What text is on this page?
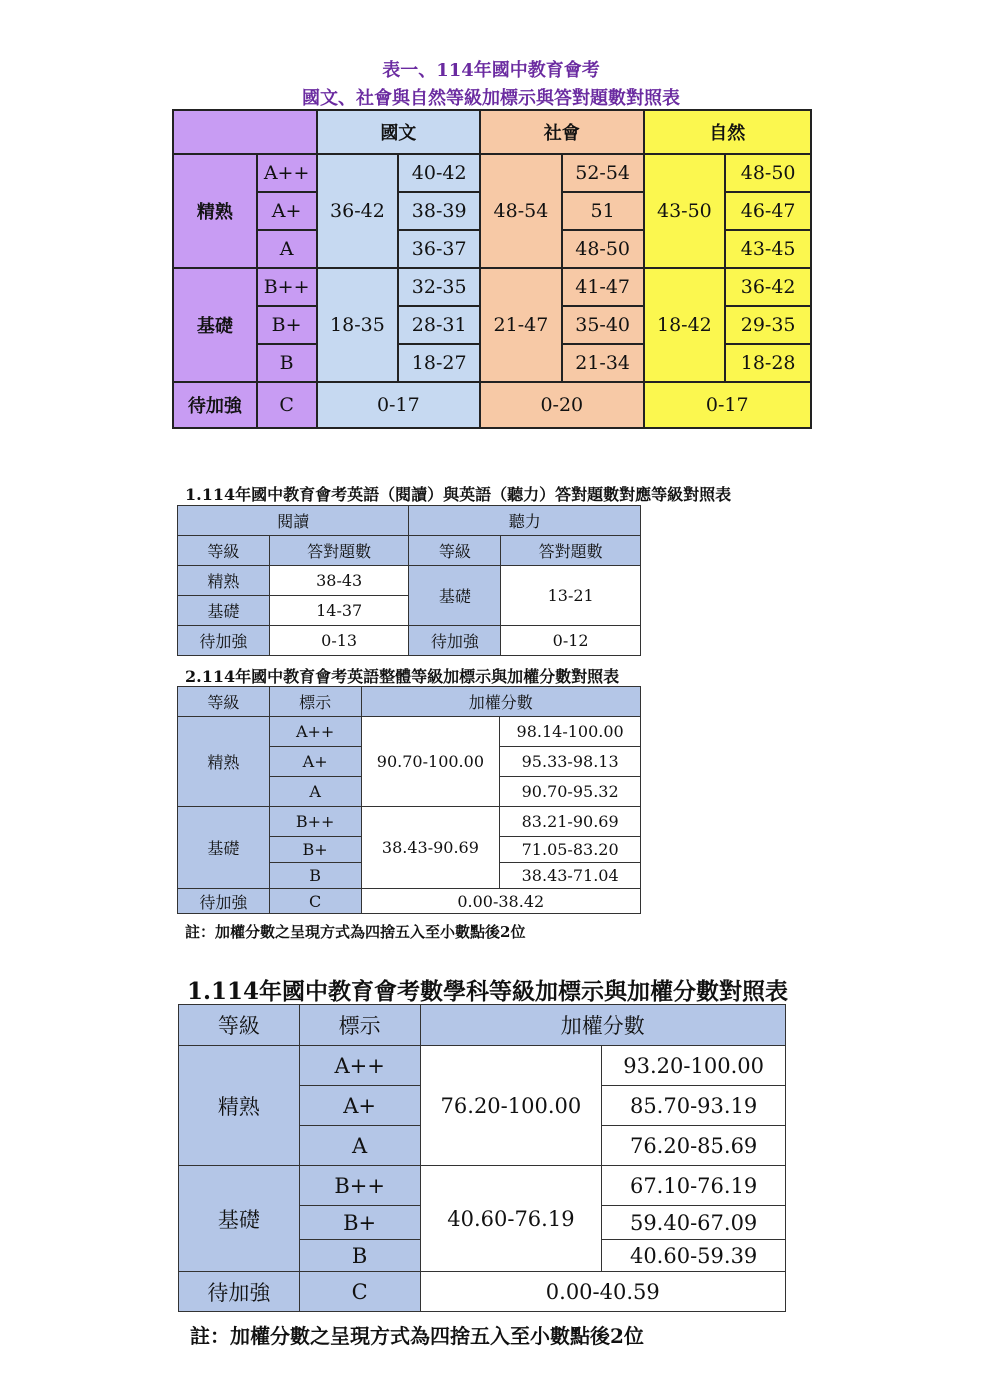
表一、114年國中教育會考
國文、社會與自然等級加標示與答對題數對照表
		國文		社會		自然	
精熟	A++	36-42	40-42	48-54	52-54	43-50	48-50
	A+		38-39		51		46-47
	A		36-37		48-50		43-45
基礎	B++	18-35	32-35	21-47	41-47	18-42	36-42
	B+		28-31		35-40		29-35
	B		18-27		21-34		18-28
待加強	C	0-17		0-20		0-17	
1.114年國中教育會考英語（閱讀）與英語（聽力）答對題數對應等級對照表
閱讀		聽力	
等級	答對題數	等級	答對題數
精熟	38-43	基礎	13-21
基礎	14-37		
待加強	0-13	待加強	0-12
2.114年國中教育會考英語整體等級加標示與加權分數對照表
等級	標示	加權分數	
精熟	A++	90.70-100.00	98.14-100.00
	A+		95.33-98.13
	A		90.70-95.32
基礎	B++	38.43-90.69	83.21-90.69
	B+		71.05-83.20
	B		38.43-71.04
待加強	C	0.00-38.42	
註：加權分數之呈現方式為四捨五入至小數點後2位
1.114年國中教育會考數學科等級加標示與加權分數對照表
等級	標示	加權分數	
精熟	A++	76.20-100.00	93.20-100.00
	A+		85.70-93.19
	A		76.20-85.69
基礎	B++	40.60-76.19	67.10-76.19
	B+		59.40-67.09
	B		40.60-59.39
待加強	C	0.00-40.59	
註：加權分數之呈現方式為四捨五入至小數點後2位
